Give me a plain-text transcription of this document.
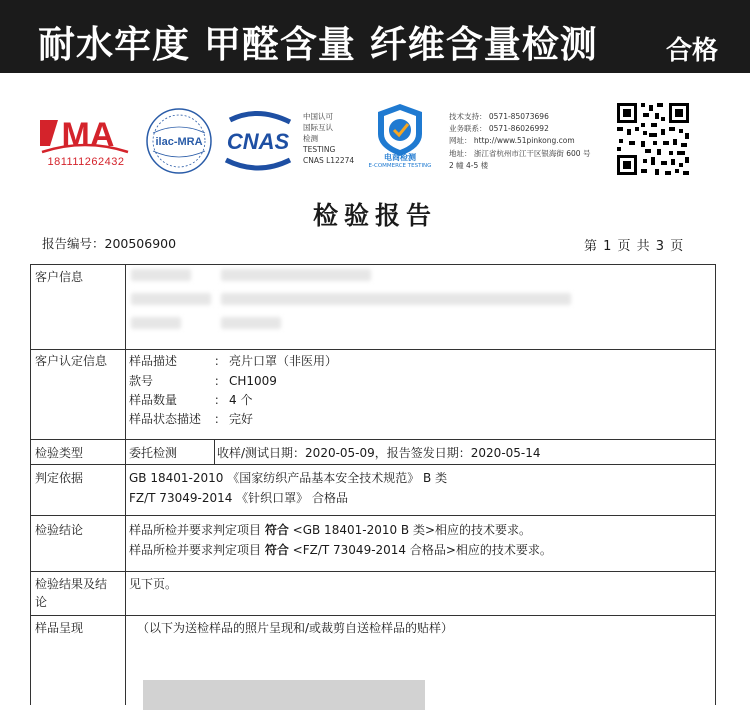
耐水牢度 甲醛含量 纤维含量检测	合格
MA
181111262432
ilac-MRA CNAS
中国认可
国际互认
检测
TESTING
CNAS L12274	电商检测
E-COMMERCE TESTING
技术支持： 0571-85073696
业务联系： 0571-86026992
网址： http://www.51pinkong.com
地址： 浙江省杭州市江干区银海街 600 号
2 幢 4-5 楼
检验报告
报告编号：200506900	第 1 页 共 3 页
客户信息
客户认定信息 样品描述	： 亮片口罩（非医用）
款号	： CH1009
样品数量	： 4 个
样品状态描述 ： 完好
检验类型	委托检测	收样/测试日期：2020-05-09，报告签发日期：2020-05-14
判定依据	GB 18401-2010 《国家纺织产品基本安全技术规范》 B 类
FZ/T 73049-2014 《针织口罩》 合格品
检验结论	样品所检并要求判定项目 符合 <GB 18401-2010 B 类>相应的技术要求。
样品所检并要求判定项目 符合 <FZ/T 73049-2014 合格品>相应的技术要求。
检验结果及结
论
见下页。
样品呈现	（以下为送检样品的照片呈现和/或裁剪自送检样品的贴样）
